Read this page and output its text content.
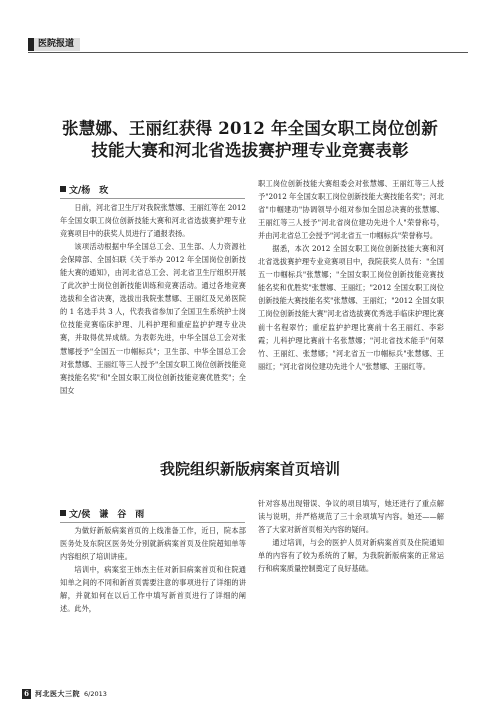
医院报道
张慧娜、王丽红获得 2012 年全国女职工岗位创新
技能大赛和河北省选拔赛护理专业竞赛表彰
文/杨　玫

日前，河北省卫生厅对我院张慧娜、王丽红等在 2012 年全国女职工岗位创新技能大赛和河北省选拔赛护理专业竞赛项目中的获奖人员进行了通报表扬。

该项活动根据中华全国总工会、卫生部、人力资源社会保障部、全国妇联《关于举办 2012 年全国岗位创新技能大赛的通知》，由河北省总工会、河北省卫生厅组织开展了此次护士岗位创新技能训练和竞赛活动。通过各地竞赛选拔和全省决赛，选拔出我院张慧娜、王丽红及兄弟医院的 1 名选手共 3 人，代表我省参加了全国卫生系统护士岗位技能竞赛临床护理、儿科护理和重症监护护理专业决赛，并取得优异成绩。为表彰先进，中华全国总工会对张慧娜授予"全国五一巾帼标兵"；卫生部、中华全国总工会对张慧娜、王丽红等三人授予"全国女职工岗位创新技能竞赛技能名奖"和"全国女职工岗位创新技能竞赛优胜奖"；全国女

职工岗位创新技能大赛组委会对张慧娜、王丽红等三人授予"2012 年全国女职工岗位创新技能大赛技能名奖"；河北省"巾帼建功"协调领导小组对参加全国总决赛的张慧娜、王丽红等三人授予"河北省岗位建功先进个人"荣誉称号，并由河北省总工会授予"河北省五一巾帼标兵"荣誉称号。

据悉，本次 2012 全国女职工岗位创新技能大赛和河北省选拔赛护理专业竞赛项目中，我院获奖人员有："全国五一巾帼标兵"张慧娜；"全国女职工岗位创新技能竞赛技能名奖和优胜奖"张慧娜、王丽红；"2012 全国女职工岗位创新技能大赛技能名奖"张慧娜、王丽红；"2012 全国女职工岗位创新技能大赛"河北省选拔赛优秀选手临床护理比赛前十名程翠竹；重症监护护理比赛前十名王丽红、李彩霞；儿科护理比赛前十名张慧娜；"河北省技术能手"何翠竹、王丽红、张慧娜；"河北省五一巾帼标兵"张慧娜、王丽红；"河北省岗位建功先进个人"张慧娜、王丽红等。

我院组织新版病案首页培训
文/侯　谦　谷　雨

为做好新版病案首页的上线准备工作，近日，院本部医务处及东院区医务处分别就新病案首页及住院超知单等内容组织了培训讲座。

培训中，病案室王炜杰主任对新旧病案首页和住院通知单之间的不同和新首页需要注意的事项进行了详细的讲解，并就如何在以后工作中填写新首页进行了详细的阐述。此外，

针对容易出现错误、争议的项目填写，她还进行了重点解读与说明，并严格规范了三十余项填写内容。她还——解答了大家对新首页相关内容的疑问。

通过培训，与会的医护人员对新病案首页及住院通知单的内容有了较为系统的了解，为我院新版病案的正常运行和病案质量控制奠定了良好基础。

6 河北医大三院 6/2013
